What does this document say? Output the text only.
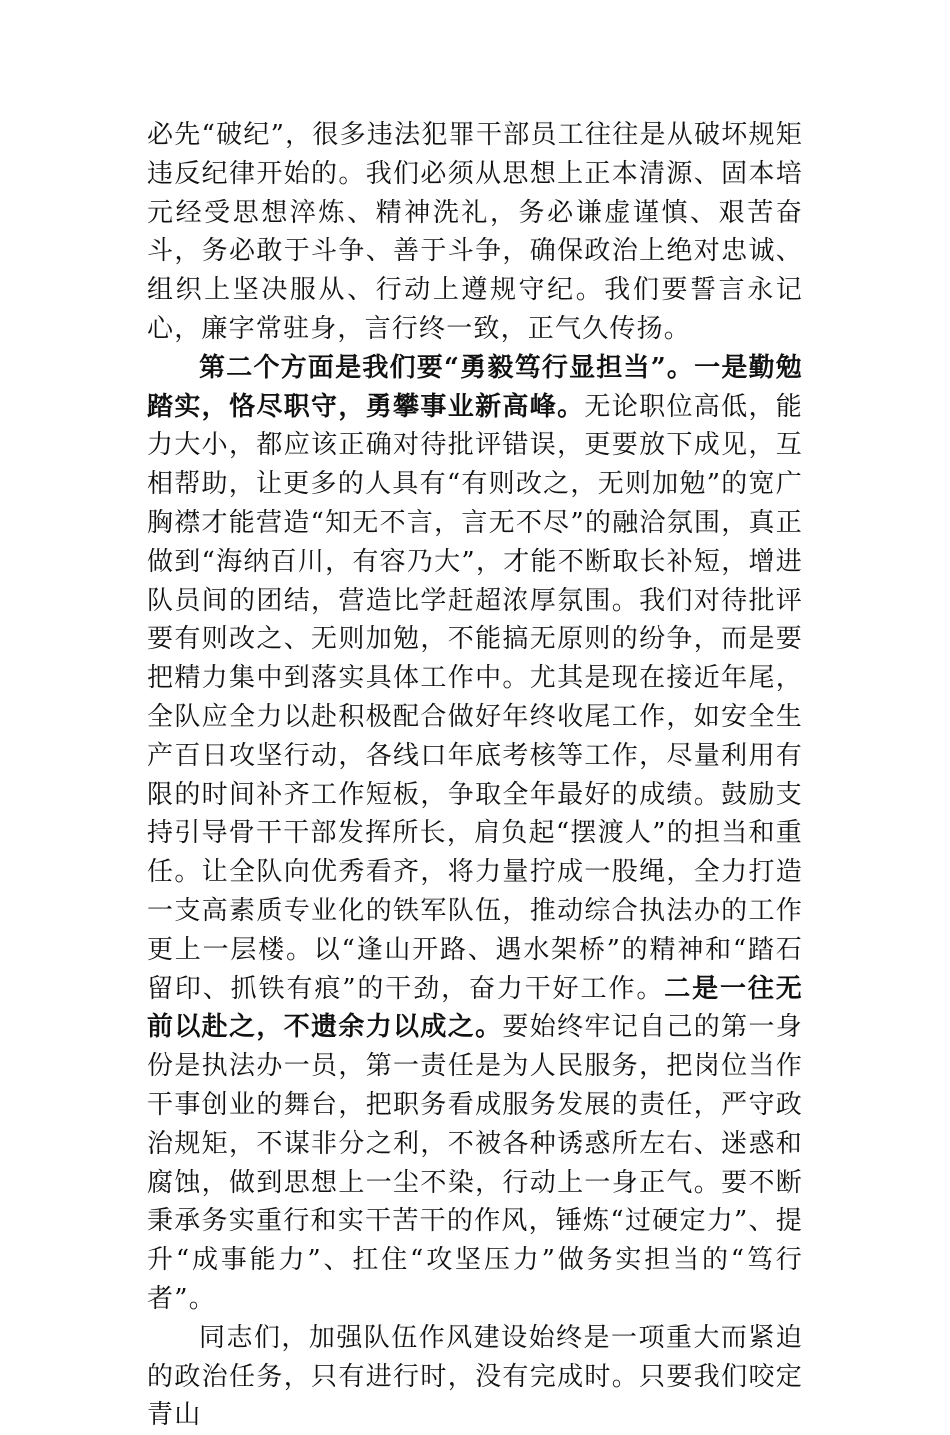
必先“破纪”，很多违法犯罪干部员工往往是从破坏规矩违反纪律开始的。我们必须从思想上正本清源、固本培元经受思想淬炼、精神洗礼，务必谦虚谨慎、艰苦奋斗，务必敢于斗争、善于斗争，确保政治上绝对忠诚、组织上坚决服从、行动上遵规守纪。我们要誓言永记心，廉字常驻身，言行终一致，正气久传扬。

第二个方面是我们要“勇毅笃行显担当”。一是勤勉踏实，恪尽职守，勇攀事业新高峰。无论职位高低，能力大小，都应该正确对待批评错误，更要放下成见，互相帮助，让更多的人具有“有则改之，无则加勉”的宽广胸襟才能营造“知无不言，言无不尽”的融洽氛围，真正做到“海纳百川，有容乃大”，才能不断取长补短，增进队员间的团结，营造比学赶超浓厚氛围。我们对待批评要有则改之、无则加勉，不能搞无原则的纷争，而是要把精力集中到落实具体工作中。尤其是现在接近年尾，全队应全力以赴积极配合做好年终收尾工作，如安全生产百日攻坚行动，各线口年底考核等工作，尽量利用有限的时间补齐工作短板，争取全年最好的成绩。鼓励支持引导骨干干部发挥所长，肩负起“摆渡人”的担当和重任。让全队向优秀看齐，将力量拧成一股绳，全力打造一支高素质专业化的铁军队伍，推动综合执法办的工作更上一层楼。以“逢山开路、遇水架桥”的精神和“踏石留印、抓铁有痕”的干劲，奋力干好工作。二是一往无前以赴之，不遗余力以成之。要始终牢记自己的第一身份是执法办一员，第一责任是为人民服务，把岗位当作干事创业的舞台，把职务看成服务发展的责任，严守政治规矩，不谋非分之利，不被各种诱惑所左右、迷惑和腐蚀，做到思想上一尘不染，行动上一身正气。要不断秉承务实重行和实干苦干的作风，锤炼“过硬定力”、提升“成事能力”、扛住“攻坚压力”做务实担当的“笃行者”。

同志们，加强队伍作风建设始终是一项重大而紧迫的政治任务，只有进行时，没有完成时。只要我们咬定青山
